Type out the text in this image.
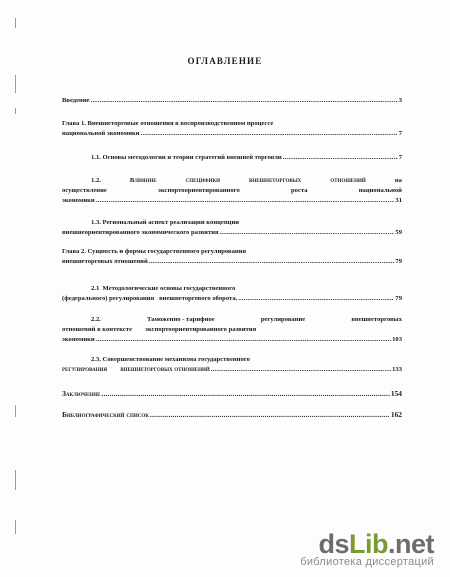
ОГЛАВЛЕНИЕ
Введение .....	3
Глава 1. Внешнеторговые отношения в воспроизводственном процессе
национальной экономики .....	7
1.1. Основы методологии и теории стратегий внешней торговли .....	7
1.2.	Влияние	специфики	внешнеторговых	отношений	на
осуществление	экспортоориентированного	роста	национальной
экономики .....	31
1.3. Региональный аспект реализации концепции
внешнеориентированного экономического развития .....	59
Глава 2. Сущность и формы государственного регулирования
внешнеторговых отношений .....	79
2.1  Методологические основы государственного
(федерального) регулирования   внешнеторгового оборота. .....	79
2.2.	Таможенно - тарифное	регулирование	внешнеторговых
отношений в контексте        экспортоориентированного развития
экономики .....	103
2.3. Совершенствование механизма государственного
регулирования        внешнеторговых отношений .....	133
Заключение .....	154
Библиографический список .....	162
dsLib.net
библиотека диссертаций
